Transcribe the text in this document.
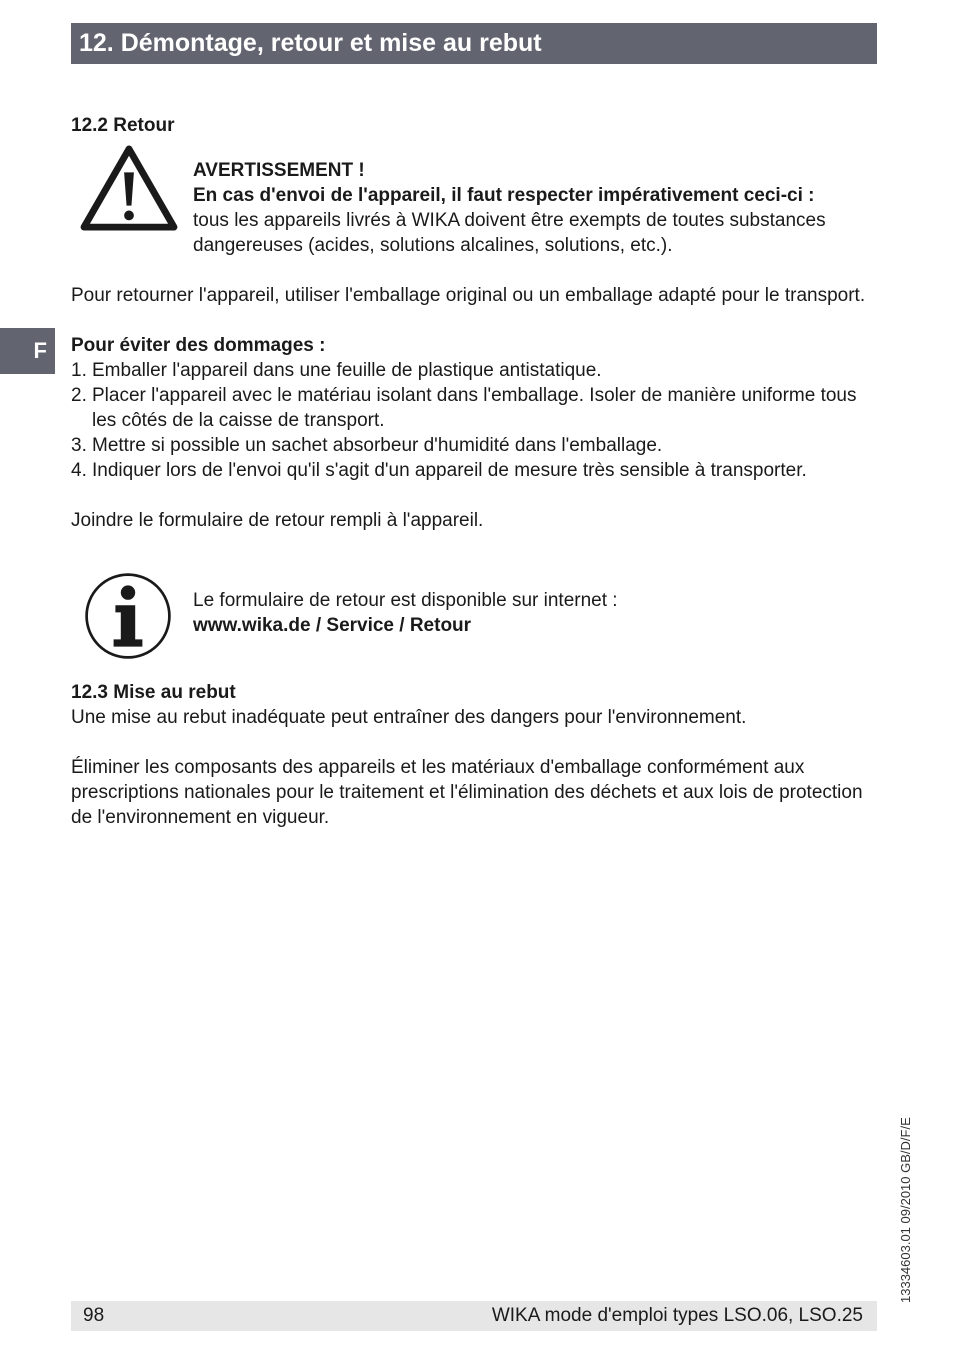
12. Démontage, retour et mise au rebut
F

12.2 Retour

AVERTISSEMENT !

En cas d'envoi de l'appareil, il faut respecter impérativement ceci-ci :

tous les appareils livrés à WIKA doivent être exempts de toutes substances dangereuses (acides, solutions alcalines, solutions, etc.).

Pour retourner l'appareil, utiliser l'emballage original ou un emballage adapté pour le transport.

Pour éviter des dommages :

1. Emballer l'appareil dans une feuille de plastique antistatique.
2. Placer l'appareil avec le matériau isolant dans l'emballage. Isoler de manière uniforme tous les côtés de la caisse de transport.
3. Mettre si possible un sachet absorbeur d'humidité dans l'emballage.
4. Indiquer lors de l'envoi qu'il s'agit d'un appareil de mesure très sensible à transporter.

Joindre le formulaire de retour rempli à l'appareil.

Le formulaire de retour est disponible sur internet :

www.wika.de / Service / Retour

12.3 Mise au rebut

Une mise au rebut inadéquate peut entraîner des dangers pour l'environnement.

Éliminer les composants des appareils et les matériaux d'emballage conformément aux prescriptions nationales pour le traitement et l'élimination des déchets et aux lois de protection de l'environnement en vigueur.

13334603.01 09/2010 GB/D/F/E
98	WIKA mode d'emploi types LSO.06, LSO.25
